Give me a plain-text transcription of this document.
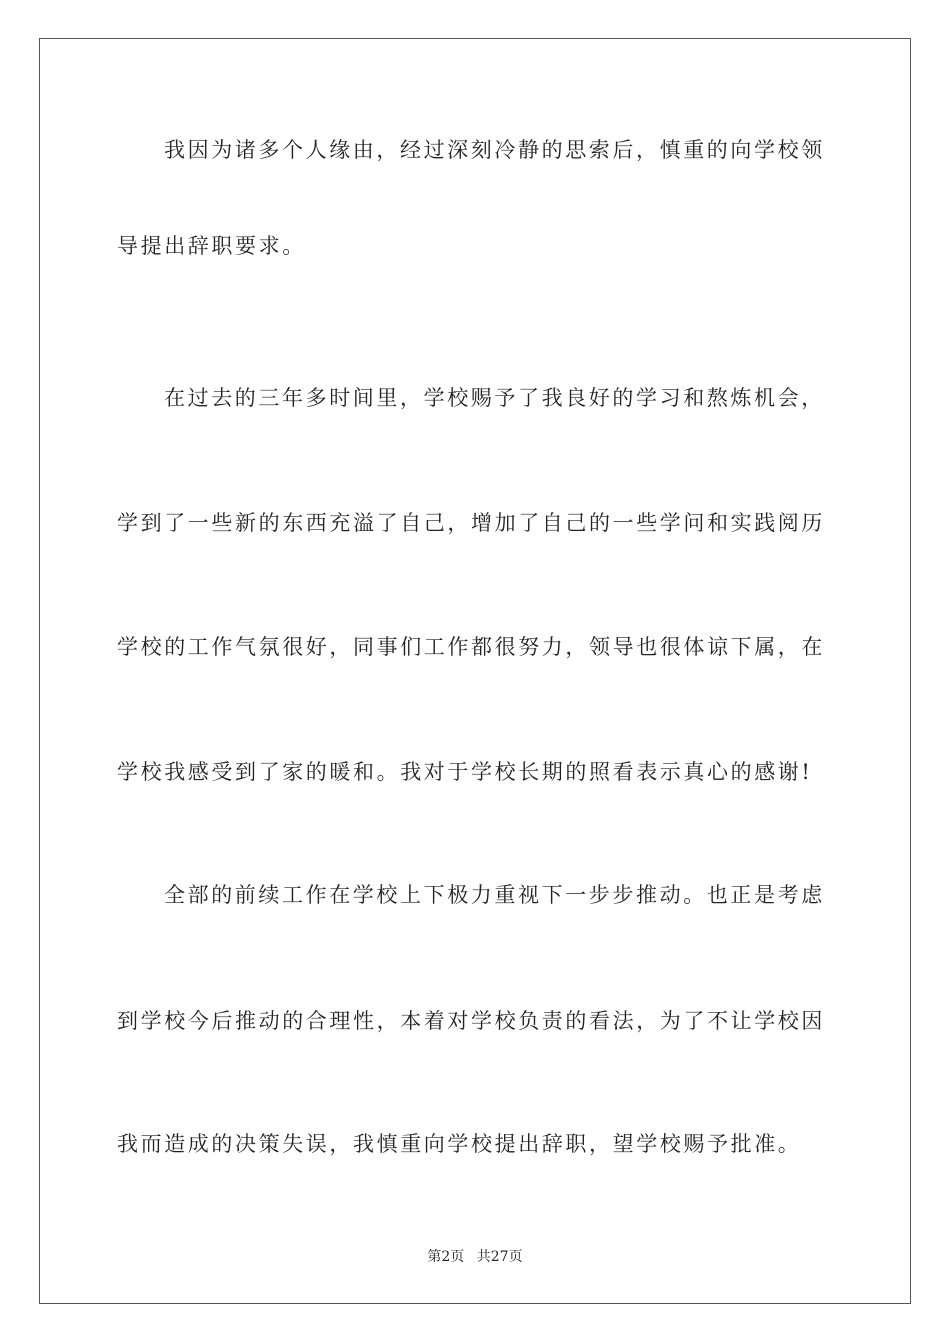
我因为诸多个人缘由，经过深刻冷静的思索后，慎重的向学校领
导提出辞职要求。
在过去的三年多时间里，学校赐予了我良好的学习和熬炼机会，
学到了一些新的东西充溢了自己，增加了自己的一些学问和实践阅历
学校的工作气氛很好，同事们工作都很努力，领导也很体谅下属，在
学校我感受到了家的暖和。我对于学校长期的照看表示真心的感谢!
全部的前续工作在学校上下极力重视下一步步推动。也正是考虑
到学校今后推动的合理性，本着对学校负责的看法，为了不让学校因
我而造成的决策失误，我慎重向学校提出辞职，望学校赐予批准。
第2页 共27页
